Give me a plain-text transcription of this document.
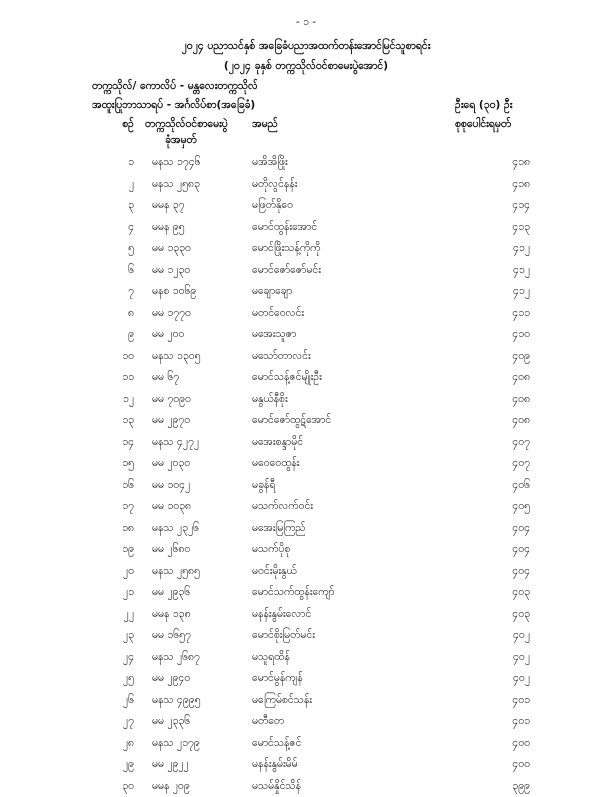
- ၁ -
၂၀၂၄ ပညာသင်နှစ် အခြေခံပညာအထက်တန်းအောင်မြင်သူစာရင်း
(၂၀၂၄ ခုနှစ် တက္ကသိုလ်ဝင်စာမေးပွဲအောင်)
တက္ကသိုလ်/ ကောလိပ် - မန္တလေးတက္ကသိုလ်
အထူးပြုဘာသာရပ် - အင်္ဂလိပ်စာ(အခြေခံ)	ဦးရေ (၃၀) ဦး
စဉ် တက္ကသိုလ်ဝင်စာမေးပွဲ အမည်	စုစုပေါင်းရမှတ်
ခုံအမှတ်
၁ မနသ ၁၇၄၆	မအိအိဖြိုး	၄၁၈
၂ မနသ ၂၅၈၃	မတိုလွင်နန်း	၄၁၈
၃ မမန ၃၇	မဖြတ်နိုဝေ	၄၁၄
၄ မမန ၉၅	မောင်ထွန်းအောင်	၄၁၃
၅ မမ ၁၃၃၀	မောင်ဖြိုးသန့်ကိုကို	၄၁၂
၆ မမ ၁၂၃၀	မောင်ဇော်ဇော်မင်း	၄၁၂
၇ မနစ ၁၀၆၉	မချောချော	၄၁၂
၈ မမ ၁၇၇၀	မတင်ဝေလင်း	၄၁၁
၉ မမ ၂၀၀	မအေးသူဇာ	၄၁၀
၁၀ မနသ ၁၃၀၅	မသော်တာလင်း	၄၀၉
၁၁ မမ ၆၇	မောင်သန့်ဇင်မျိုးဦး	၄၀၈
၁၂ မမ ၇၀၉၀	မနွယ်နီစိုး	၄၀၈
၁၃ မမ ၂၉၇၀	မောင်ဇော်ထွဋ်အောင်	၄၀၈
၁၄ မနသ ၄၂၇၂	မအေးစန္ဒာမိုင်	၄၀၇
၁၅ မမ ၂၀၃၀	မဝေဝေထွန်း	၄၀၇
၁၆ မမ ၁၀၄၂	မခွန်ရီ	၄၀၆
၁၇ မမ ၁၀၃၈	မသက်လက်ဝင်း	၄၀၅
၁၈ မနသ ၂၃၂၆	မအေးမြကြည်	၄၀၄
၁၉ မမ ၂၆၈၀	မသက်ပိုစု	၄၀၄
၂၀ မနသ ၂၅၈၅	မဝင်းမိုးနွယ်	၄၀၄
၂၁ မမ ၂၉၃၆	မောင်သက်ထွန်းကျော်	၄၀၃
၂၂ မမန ၁၃၈	မနန်းနွမ်းလောင်	၄၀၃
၂၃ မမ ၁၆၅၇	မောင်စိုးမြတ်မင်း	၄၀၂
၂၄ မနသ ၂၆၈၇	မသူရထိန်	၄၀၂
၂၅ မမ ၂၉၄၀	မောင်မွန်ကျန်	၄၀၂
၂၆ မနသ ၄၉၉၅	မကြေမ်စင်သန်း	၄၀၁
၂၇ မမ ၂၃၃၆	မတီတေ	၄၀၁
၂၈ မနသ ၂၁၇၉	မောင်သန့်ဇင်	၄၀၀
၂၉ မမ ၂၉၂၂	မနန်းနွမ်းမိမ်	၄၀၀
၃၀ မမန ၂၀၉	မသမ်နှိုင်သိန်	၃၉၉
